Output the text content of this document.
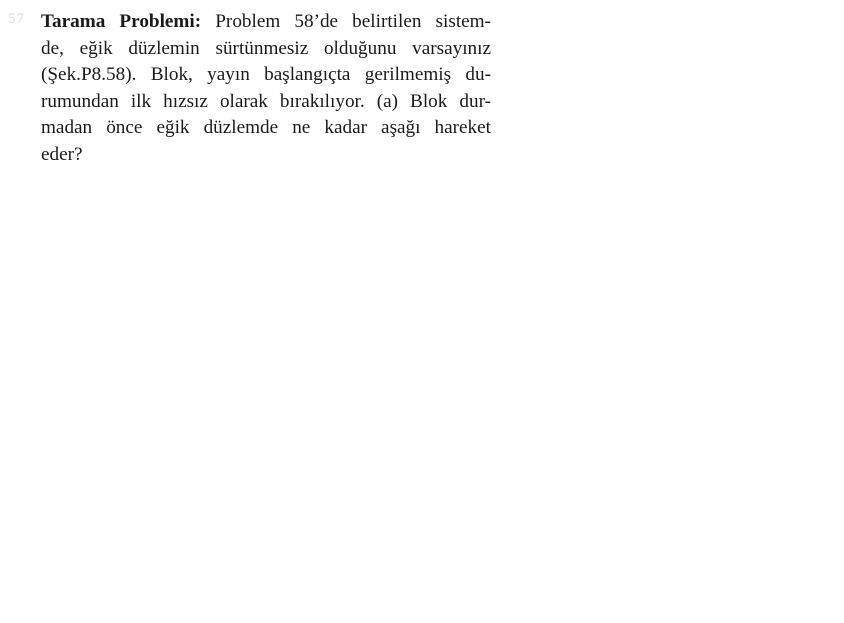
57 Tarama Problemi: Problem 58’de belirtilen sistem-
de, eğik düzlemin sürtünmesiz olduğunu varsayınız
(Şek.P8.58). Blok, yayın başlangıçta gerilmemiş du-
rumundan ilk hızsız olarak bırakılıyor. (a) Blok dur-
madan önce eğik düzlemde ne kadar aşağı hareket
eder?
